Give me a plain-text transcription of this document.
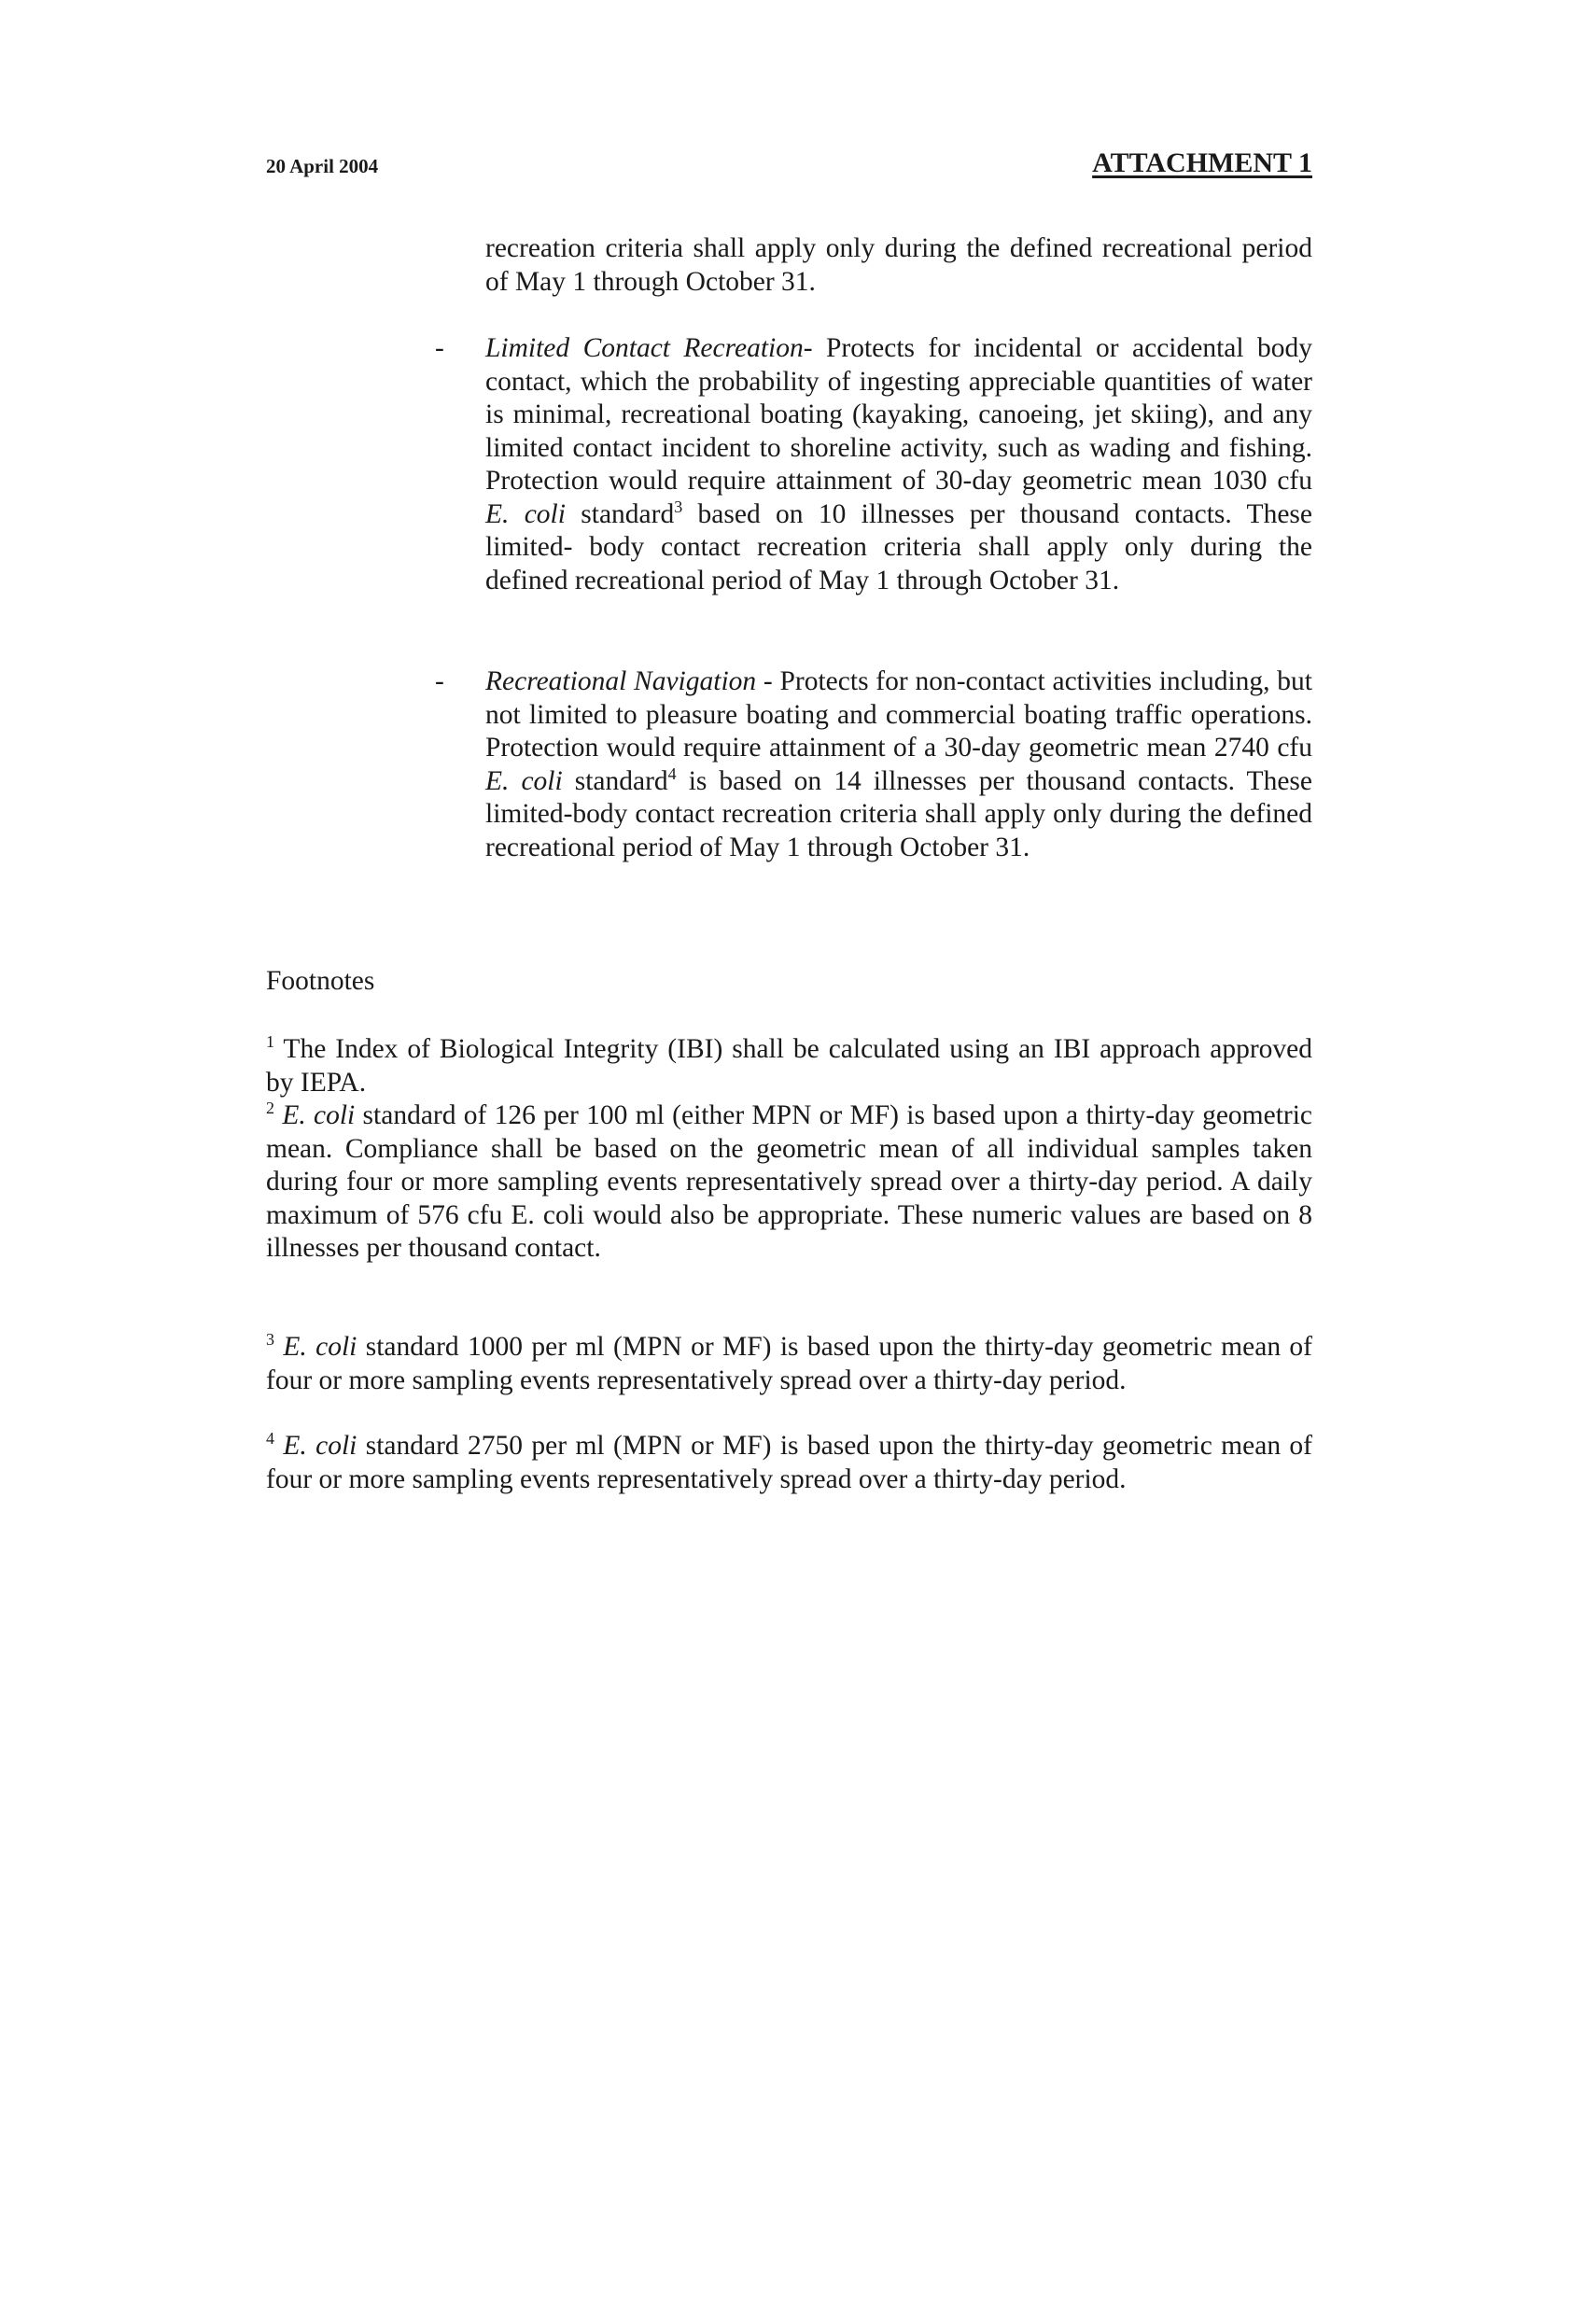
20 April 2004	ATTACHMENT 1
recreation criteria shall apply only during the defined recreational period of May 1 through October 31.
-	Limited Contact Recreation- Protects for incidental or accidental body contact, which the probability of ingesting appreciable quantities of water is minimal, recreational boating (kayaking, canoeing, jet skiing), and any limited contact incident to shoreline activity, such as wading and fishing. Protection would require attainment of 30-day geometric mean 1030 cfu E. coli standard$^3$ based on 10 illnesses per thousand contacts. These limited- body contact recreation criteria shall apply only during the defined recreational period of May 1 through October 31.
-	Recreational Navigation - Protects for non-contact activities including, but not limited to pleasure boating and commercial boating traffic operations. Protection would require attainment of a 30-day geometric mean 2740 cfu E. coli standard$^4$ is based on 14 illnesses per thousand contacts. These limited-body contact recreation criteria shall apply only during the defined recreational period of May 1 through October 31.
Footnotes
$^1$ The Index of Biological Integrity (IBI) shall be calculated using an IBI approach approved by IEPA.
$^2$ E. coli standard of 126 per 100 ml (either MPN or MF) is based upon a thirty-day geometric mean. Compliance shall be based on the geometric mean of all individual samples taken during four or more sampling events representatively spread over a thirty-day period. A daily maximum of 576 cfu E. coli would also be appropriate. These numeric values are based on 8 illnesses per thousand contact.
$^3$ E. coli standard 1000 per ml (MPN or MF) is based upon the thirty-day geometric mean of four or more sampling events representatively spread over a thirty-day period.
$^4$ E. coli standard 2750 per ml (MPN or MF) is based upon the thirty-day geometric mean of four or more sampling events representatively spread over a thirty-day period.
